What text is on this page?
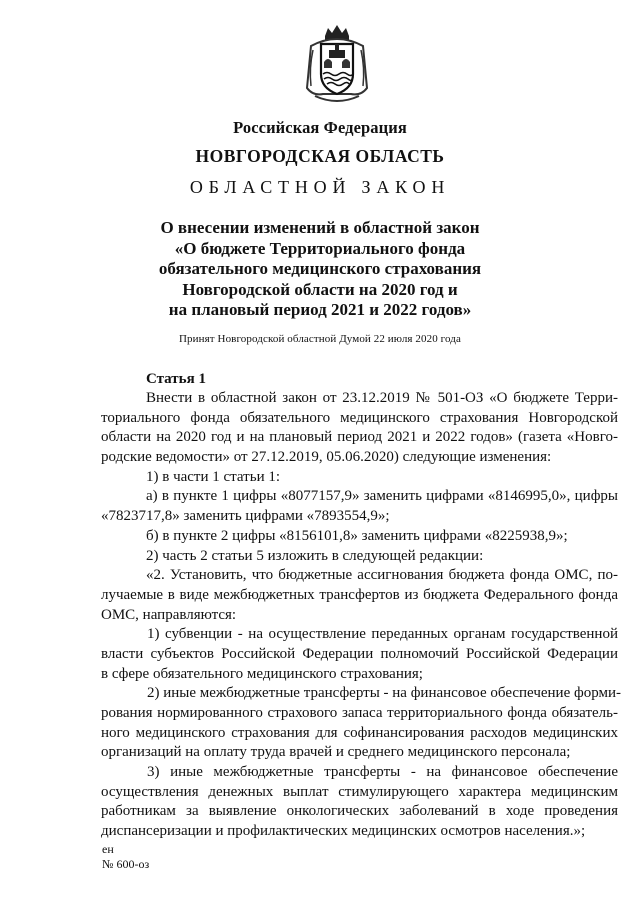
Российская Федерация
НОВГОРОДСКАЯ ОБЛАСТЬ
ОБЛАСТНОЙ ЗАКОН
О внесении изменений в областной закон
«О бюджете Территориального фонда
обязательного медицинского страхования
Новгородской области на 2020 год и
на плановый период 2021 и 2022 годов»
Принят Новгородской областной Думой 22 июля 2020 года
Статья 1
Внести в областной закон от 23.12.2019 № 501-ОЗ «О бюджете Терри-
ториального фонда обязательного медицинского страхования Новгородской
области на 2020 год и на плановый период 2021 и 2022 годов» (газета «Новго-
родские ведомости» от 27.12.2019, 05.06.2020) следующие изменения:
1) в части 1 статьи 1:
а) в пункте 1 цифры «8077157,9» заменить цифрами «8146995,0», цифры
«7823717,8» заменить цифрами «7893554,9»;
б) в пункте 2 цифры «8156101,8» заменить цифрами «8225938,9»;
2) часть 2 статьи 5 изложить в следующей редакции:
«2. Установить, что бюджетные ассигнования бюджета фонда ОМС, по-
лучаемые в виде межбюджетных трансфертов из бюджета Федерального фонда
ОМС, направляются:
1) субвенции - на осуществление переданных органам государственной
власти субъектов Российской Федерации полномочий Российской Федерации
в сфере обязательного медицинского страхования;
2) иные межбюджетные трансферты - на финансовое обеспечение форми-
рования нормированного страхового запаса территориального фонда обязатель-
ного медицинского страхования для софинансирования расходов медицинских
организаций на оплату труда врачей и среднего медицинского персонала;
3) иные межбюджетные трансферты - на финансовое обеспечение
осуществления денежных выплат стимулирующего характера медицинским
работникам за выявление онкологических заболеваний в ходе проведения
диспансеризации и профилактических медицинских осмотров населения.»;
ен
№ 600-оз
